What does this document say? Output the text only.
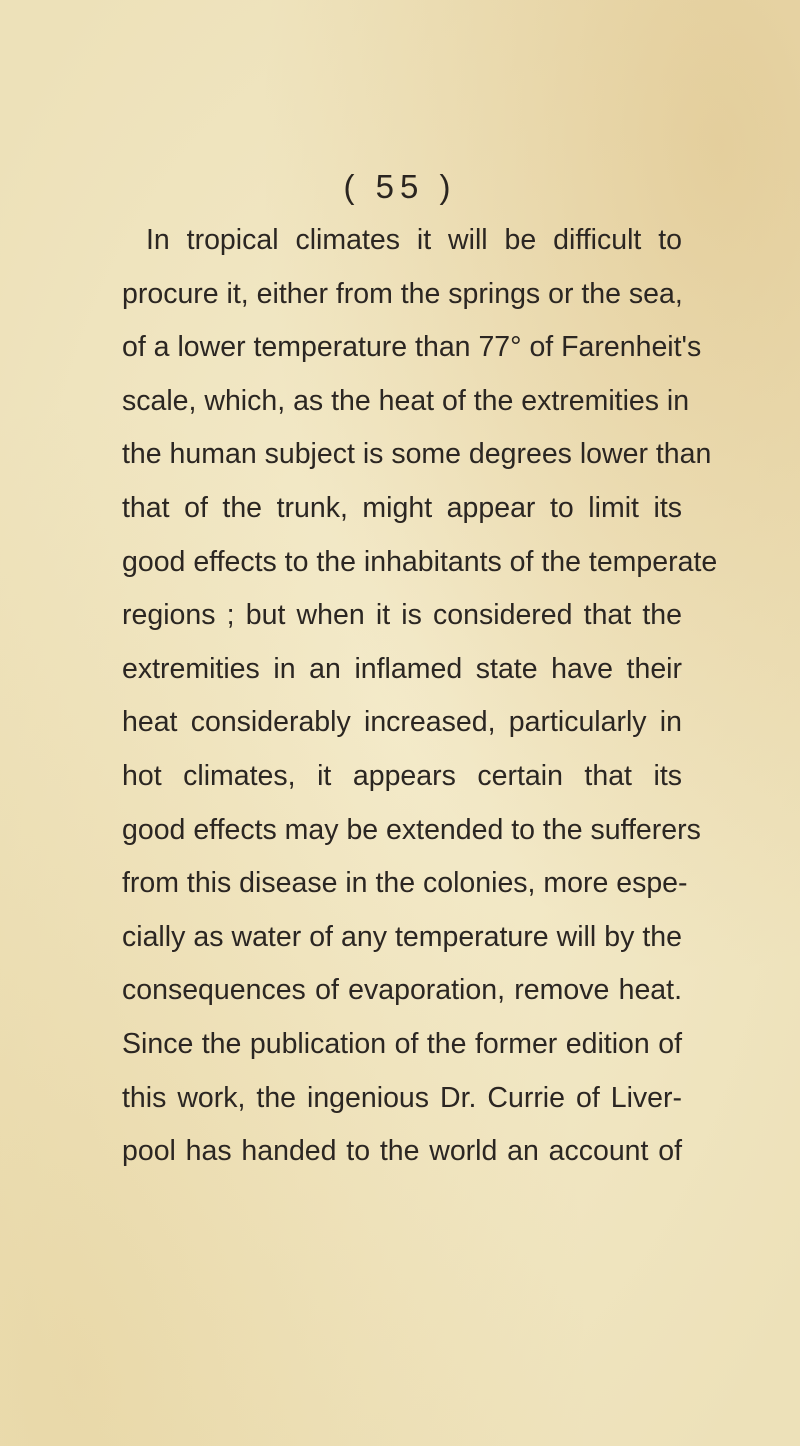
( 55 )
In tropical climates it will be difficult to
procure it, either from the springs or the sea,
of a lower temperature than 77° of Farenheit's
scale, which, as the heat of the extremities in
the human subject is some degrees lower than
that of the trunk, might appear to limit its
good effects to the inhabitants of the temperate
regions ; but when it is considered that the
extremities in an inflamed state have their
heat considerably increased, particularly in
hot climates, it appears certain that its
good effects may be extended to the sufferers
from this disease in the colonies, more espe-
cially as water of any temperature will by the
consequences of evaporation, remove heat.
Since the publication of the former edition of
this work, the ingenious Dr. Currie of Liver-
pool has handed to the world an account of
